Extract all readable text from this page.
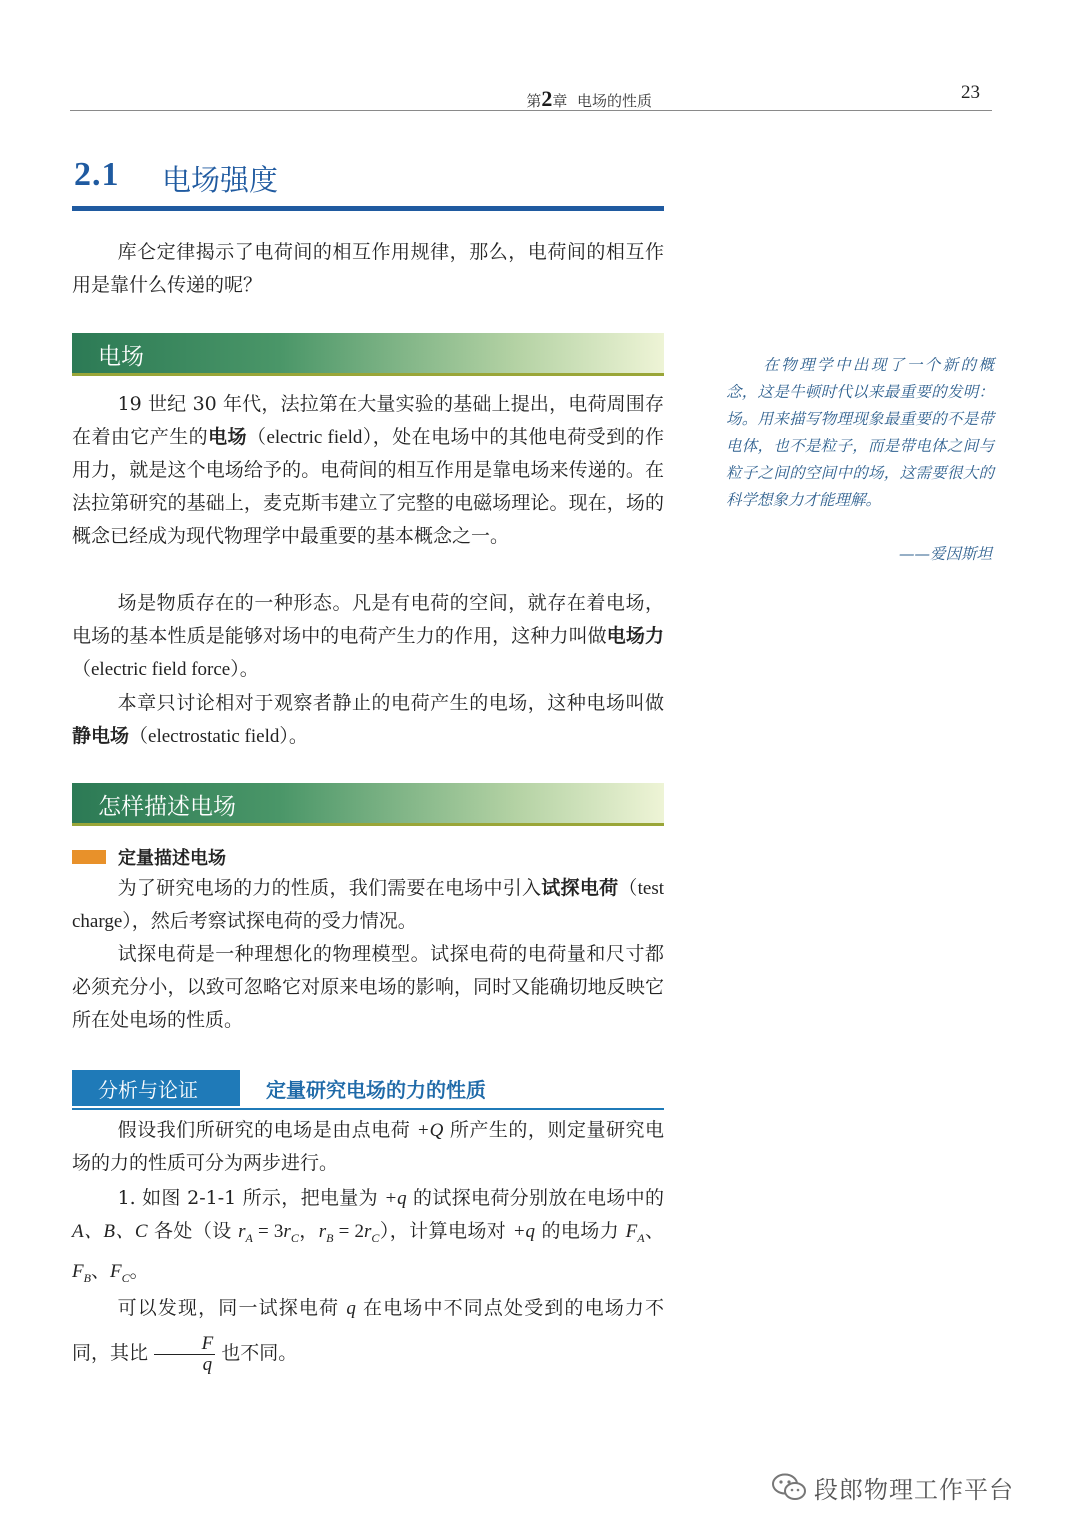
第2章 电场的性质	23
2.1 电场强度
库仑定律揭示了电荷间的相互作用规律，那么，电荷间的相互作用是靠什么传递的呢？
电场	在物理学中出现了一个新的概念，这是牛顿时代以来最重要的发明：场。用来描写物理现象最重要的不是带电体，也不是粒子，而是带电体之间与粒子之间的空间中的场，这需要很大的科学想象力才能理解。
——爱因斯坦
19 世纪 30 年代，法拉第在大量实验的基础上提出，电荷周围存在着由它产生的电场（electric field），处在电场中的其他电荷受到的作用力，就是这个电场给予的。电荷间的相互作用是靠电场来传递的。在法拉第研究的基础上，麦克斯韦建立了完整的电磁场理论。现在，场的概念已经成为现代物理学中最重要的基本概念之一。
场是物质存在的一种形态。凡是有电荷的空间，就存在着电场，电场的基本性质是能够对场中的电荷产生力的作用，这种力叫做电场力（electric field force）。
本章只讨论相对于观察者静止的电荷产生的电场，这种电场叫做静电场（electrostatic field）。
怎样描述电场
定量描述电场
为了研究电场的力的性质，我们需要在电场中引入试探电荷（test charge），然后考察试探电荷的受力情况。
试探电荷是一种理想化的物理模型。试探电荷的电荷量和尺寸都必须充分小，以致可忽略它对原来电场的影响，同时又能确切地反映它所在处电场的性质。
分析与论证	定量研究电场的力的性质
假设我们所研究的电场是由点电荷 +Q 所产生的，则定量研究电场的力的性质可分为两步进行。
1. 如图 2-1-1 所示，把电量为 +q 的试探电荷分别放在电场中的 A、B、C 各处（设 $r_A = 3r_C$，$r_B = 2r_C$），计算电场对 +q 的电场力 $F_A$、$F_B$、$F_C$。
可以发现，同一试探电荷 q 在电场中不同点处受到的电场力不同，其比 $\frac{F}{q}$ 也不同。
段郎物理工作平台
